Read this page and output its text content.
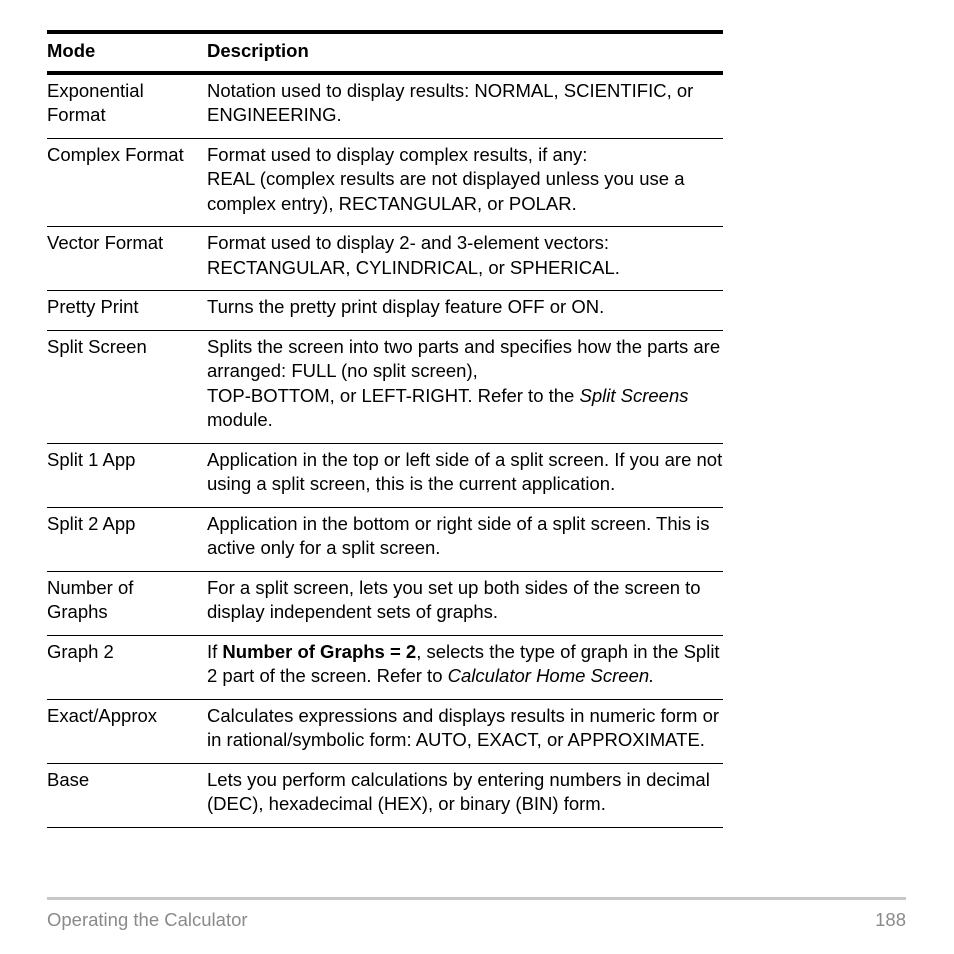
Mode	Description
Exponential Format	Notation used to display results: NORMAL, SCIENTIFIC, or ENGINEERING.
Complex Format	Format used to display complex results, if any:
REAL (complex results are not displayed unless you use a complex entry), RECTANGULAR, or POLAR.
Vector Format	Format used to display 2- and 3-element vectors:
RECTANGULAR, CYLINDRICAL, or SPHERICAL.
Pretty Print	Turns the pretty print display feature OFF or ON.
Split Screen	Splits the screen into two parts and specifies how the parts are arranged: FULL (no split screen),
TOP-BOTTOM, or LEFT-RIGHT. Refer to the Split Screens module.
Split 1 App	Application in the top or left side of a split screen. If you are not using a split screen, this is the current application.
Split 2 App	Application in the bottom or right side of a split screen. This is active only for a split screen.
Number of Graphs	For a split screen, lets you set up both sides of the screen to display independent sets of graphs.
Graph 2	If Number of Graphs = 2, selects the type of graph in the Split 2 part of the screen. Refer to Calculator Home Screen.
Exact/Approx	Calculates expressions and displays results in numeric form or in rational/symbolic form: AUTO, EXACT, or APPROXIMATE.
Base	Lets you perform calculations by entering numbers in decimal (DEC), hexadecimal (HEX), or binary (BIN) form.
Operating the Calculator	188
